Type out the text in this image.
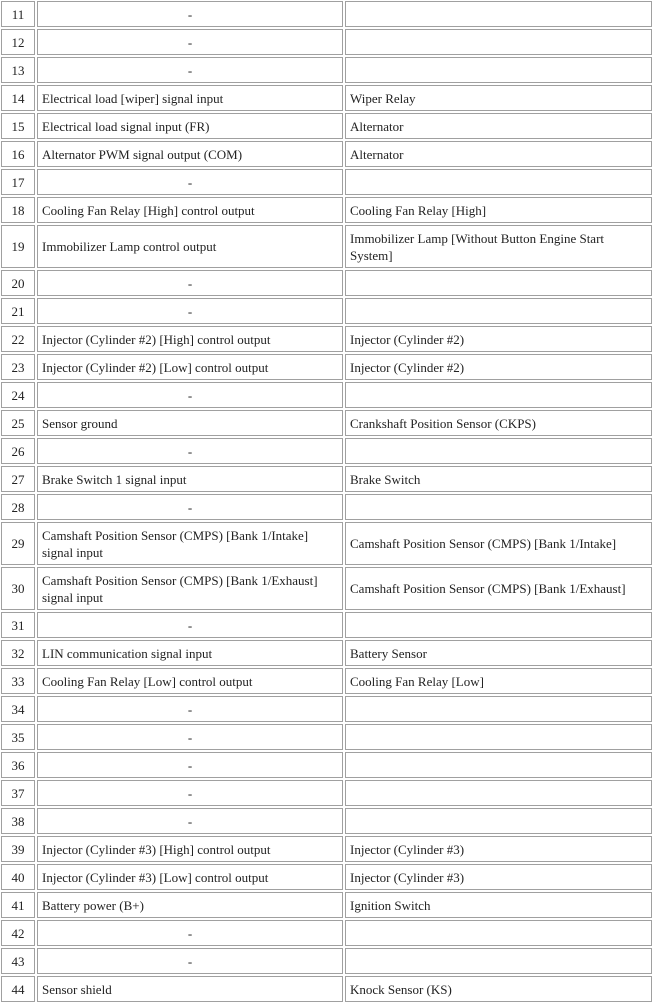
11	-	
12	-	
13	-	
14	Electrical load [wiper] signal input	Wiper Relay
15	Electrical load signal input (FR)	Alternator
16	Alternator PWM signal output (COM)	Alternator
17	-	
18	Cooling Fan Relay [High] control output	Cooling Fan Relay [High]
19	Immobilizer Lamp control output	Immobilizer Lamp [Without Button Engine Start System]
20	-	
21	-	
22	Injector (Cylinder #2) [High] control output	Injector (Cylinder #2)
23	Injector (Cylinder #2) [Low] control output	Injector (Cylinder #2)
24	-	
25	Sensor ground	Crankshaft Position Sensor (CKPS)
26	-	
27	Brake Switch 1 signal input	Brake Switch
28	-	
29	Camshaft Position Sensor (CMPS) [Bank 1/Intake] signal input	Camshaft Position Sensor (CMPS) [Bank 1/Intake]
30	Camshaft Position Sensor (CMPS) [Bank 1/Exhaust] signal input	Camshaft Position Sensor (CMPS) [Bank 1/Exhaust]
31	-	
32	LIN communication signal input	Battery Sensor
33	Cooling Fan Relay [Low] control output	Cooling Fan Relay [Low]
34	-	
35	-	
36	-	
37	-	
38	-	
39	Injector (Cylinder #3) [High] control output	Injector (Cylinder #3)
40	Injector (Cylinder #3) [Low] control output	Injector (Cylinder #3)
41	Battery power (B+)	Ignition Switch
42	-	
43	-	
44	Sensor shield	Knock Sensor (KS)
